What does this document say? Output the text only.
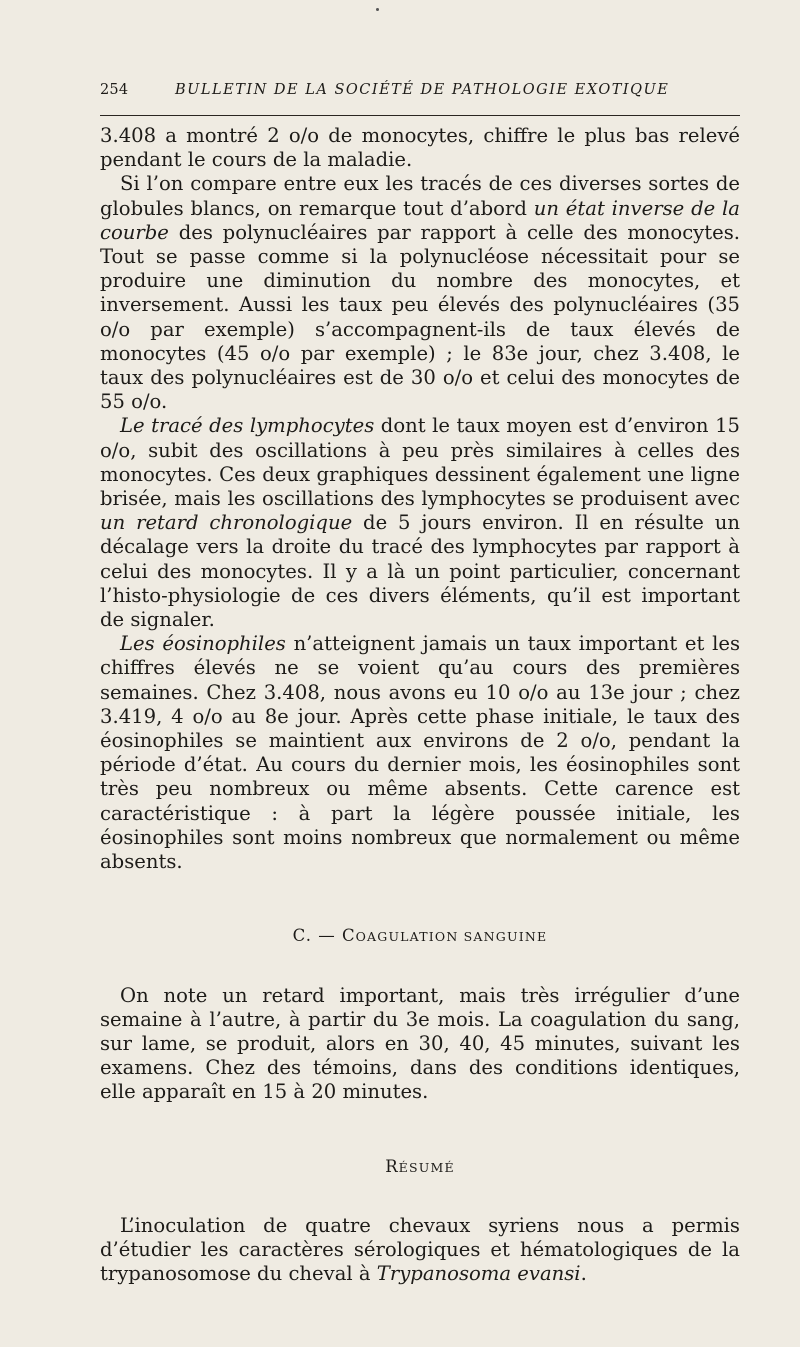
254	BULLETIN DE LA SOCIÉTÉ DE PATHOLOGIE EXOTIQUE

3.408 a montré 2 o/o de monocytes, chiffre le plus bas relevé pendant le cours de la maladie.

Si l’on compare entre eux les tracés de ces diverses sortes de globules blancs, on remarque tout d’abord un état inverse de la courbe des polynucléaires par rapport à celle des monocytes. Tout se passe comme si la polynucléose nécessitait pour se produire une diminution du nombre des monocytes, et inversement. Aussi les taux peu élevés des polynucléaires (35 o/o par exemple) s’accompagnent-ils de taux élevés de monocytes (45 o/o par exemple) ; le 83e jour, chez 3.408, le taux des polynucléaires est de 30 o/o et celui des monocytes de 55 o/o.

Le tracé des lymphocytes dont le taux moyen est d’environ 15 o/o, subit des oscillations à peu près similaires à celles des monocytes. Ces deux graphiques dessinent également une ligne brisée, mais les oscillations des lymphocytes se produisent avec un retard chronologique de 5 jours environ. Il en résulte un décalage vers la droite du tracé des lymphocytes par rapport à celui des monocytes. Il y a là un point particulier, concernant l’histo-physiologie de ces divers éléments, qu’il est important de signaler.

Les éosinophiles n’atteignent jamais un taux important et les chiffres élevés ne se voient qu’au cours des premières semaines. Chez 3.408, nous avons eu 10 o/o au 13e jour ; chez 3.419, 4 o/o au 8e jour. Après cette phase initiale, le taux des éosinophiles se maintient aux environs de 2 o/o, pendant la période d’état. Au cours du dernier mois, les éosinophiles sont très peu nombreux ou même absents. Cette carence est caractéristique : à part la légère poussée initiale, les éosinophiles sont moins nombreux que normalement ou même absents.

C. — COAGULATION SANGUINE

On note un retard important, mais très irrégulier d’une semaine à l’autre, à partir du 3e mois. La coagulation du sang, sur lame, se produit, alors en 30, 40, 45 minutes, suivant les examens. Chez des témoins, dans des conditions identiques, elle apparaît en 15 à 20 minutes.

RÉSUMÉ

L’inoculation de quatre chevaux syriens nous a permis d’étudier les caractères sérologiques et hématologiques de la trypanosomose du cheval à Trypanosoma evansi.
